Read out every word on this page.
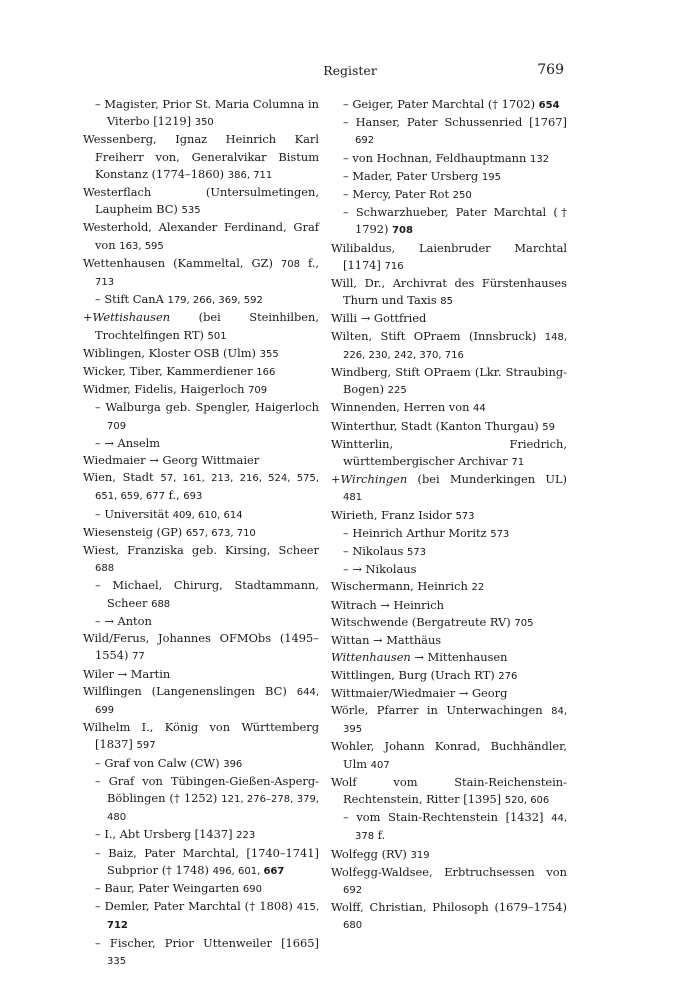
Register	769
– Magister, Prior St. Maria Columna in Viterbo [1219] 350
Wessenberg, Ignaz Heinrich Karl Freiherr von, Generalvikar Bistum Konstanz (1774–1860) 386, 711
Westerflach (Untersulmetingen, Laupheim BC) 535
Westerhold, Alexander Ferdinand, Graf von 163, 595
Wettenhausen (Kammeltal, GZ) 708 f., 713
– Stift CanA 179, 266, 369, 592
+Wettishausen (bei Steinhilben, Trochtelfingen RT) 501
Wiblingen, Kloster OSB (Ulm) 355
Wicker, Tiber, Kammerdiener 166
Widmer, Fidelis, Haigerloch 709
– Walburga geb. Spengler, Haigerloch 709
– → Anselm
Wiedmaier → Georg Wittmaier
Wien, Stadt 57, 161, 213, 216, 524, 575, 651, 659, 677 f., 693
– Universität 409, 610, 614
Wiesensteig (GP) 657, 673, 710
Wiest, Franziska geb. Kirsing, Scheer 688
– Michael, Chirurg, Stadtammann, Scheer 688
– → Anton
Wild/Ferus, Johannes OFMObs (1495–1554) 77
Wiler → Martin
Wilflingen (Langenenslingen BC) 644, 699
Wilhelm I., König von Württemberg [1837] 597
– Graf von Calw (CW) 396
– Graf von Tübingen-Gießen-Asperg-Böblingen († 1252) 121, 276–278, 379, 480
– I., Abt Ursberg [1437] 223
– Baiz, Pater Marchtal, [1740–1741] Subprior († 1748) 496, 601, 667
– Baur, Pater Weingarten 690
– Demler, Pater Marchtal († 1808) 415, 712
– Fischer, Prior Uttenweiler [1665] 335
– Geiger, Pater Marchtal († 1702) 654
– Hanser, Pater Schussenried [1767] 692
– von Hochnan, Feldhauptmann 132
– Mader, Pater Ursberg 195
– Mercy, Pater Rot 250
– Schwarzhueber, Pater Marchtal († 1792) 708
Wilibaldus, Laienbruder Marchtal [1174] 716
Will, Dr., Archivrat des Fürstenhauses Thurn und Taxis 85
Willi → Gottfried
Wilten, Stift OPraem (Innsbruck) 148, 226, 230, 242, 370, 716
Windberg, Stift OPraem (Lkr. Straubing-Bogen) 225
Winnenden, Herren von 44
Winterthur, Stadt (Kanton Thurgau) 59
Wintterlin, Friedrich, württembergischer Archivar 71
+Wirchingen (bei Munderkingen UL) 481
Wirieth, Franz Isidor 573
– Heinrich Arthur Moritz 573
– Nikolaus 573
– → Nikolaus
Wischermann, Heinrich 22
Witrach → Heinrich
Witschwende (Bergatreute RV) 705
Wittan → Matthäus
Wittenhausen → Mittenhausen
Wittlingen, Burg (Urach RT) 276
Wittmaier/Wiedmaier → Georg
Wörle, Pfarrer in Unterwachingen 84, 395
Wohler, Johann Konrad, Buchhändler, Ulm 407
Wolf vom Stain-Reichenstein-Rechtenstein, Ritter [1395] 520, 606
– vom Stain-Rechtenstein [1432] 44, 378 f.
Wolfegg (RV) 319
Wolfegg-Waldsee, Erbtruchsessen von 692
Wolff, Christian, Philosoph (1679–1754) 680
